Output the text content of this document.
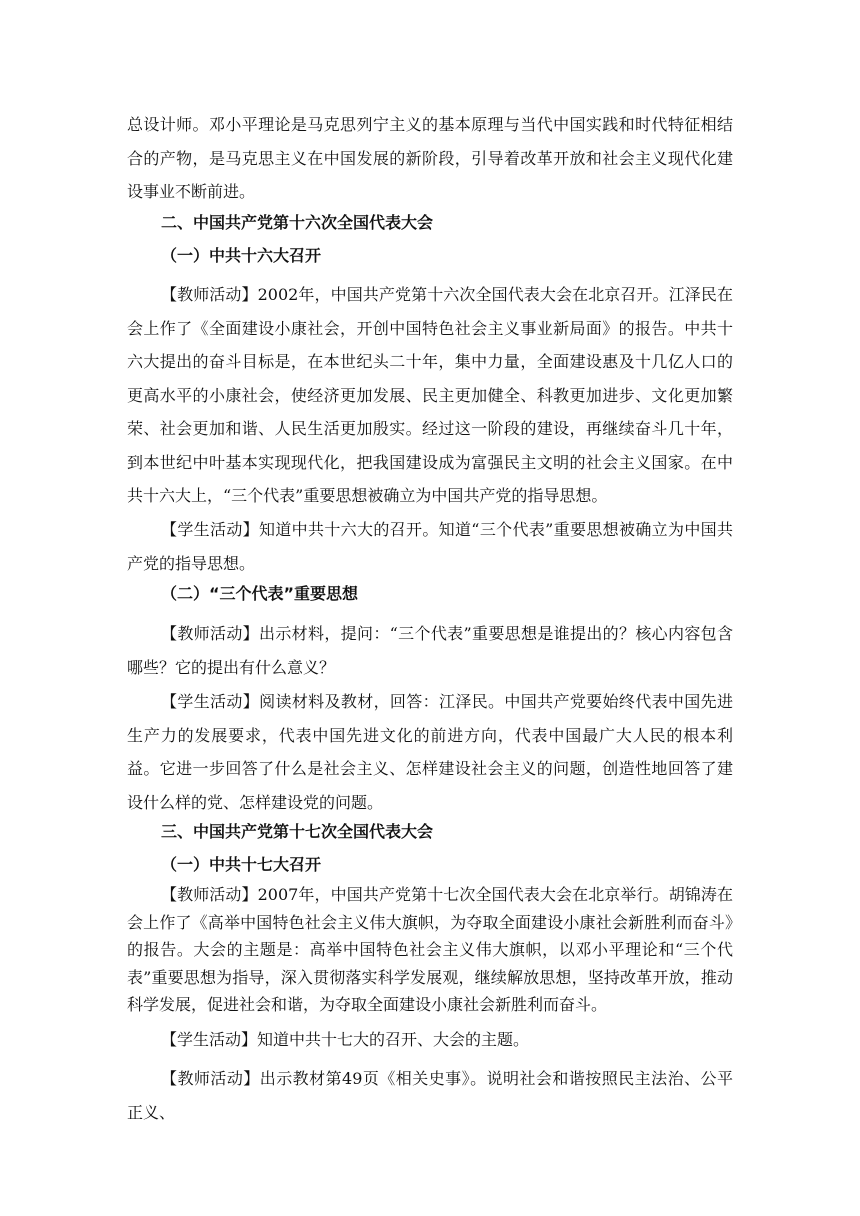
总设计师。邓小平理论是马克思列宁主义的基本原理与当代中国实践和时代特征相结合的产物，是马克思主义在中国发展的新阶段，引导着改革开放和社会主义现代化建设事业不断前进。

二、中国共产党第十六次全国代表大会
（一）中共十六大召开

【教师活动】2002年，中国共产党第十六次全国代表大会在北京召开。江泽民在会上作了《全面建设小康社会，开创中国特色社会主义事业新局面》的报告。中共十六大提出的奋斗目标是，在本世纪头二十年，集中力量，全面建设惠及十几亿人口的更高水平的小康社会，使经济更加发展、民主更加健全、科教更加进步、文化更加繁荣、社会更加和谐、人民生活更加殷实。经过这一阶段的建设，再继续奋斗几十年，到本世纪中叶基本实现现代化，把我国建设成为富强民主文明的社会主义国家。在中共十六大上，“三个代表”重要思想被确立为中国共产党的指导思想。

【学生活动】知道中共十六大的召开。知道“三个代表”重要思想被确立为中国共产党的指导思想。

（二）“三个代表”重要思想

【教师活动】出示材料，提问：“三个代表”重要思想是谁提出的？核心内容包含哪些？它的提出有什么意义？

【学生活动】阅读材料及教材，回答：江泽民。中国共产党要始终代表中国先进生产力的发展要求，代表中国先进文化的前进方向，代表中国最广大人民的根本利益。它进一步回答了什么是社会主义、怎样建设社会主义的问题，创造性地回答了建设什么样的党、怎样建设党的问题。

三、中国共产党第十七次全国代表大会
（一）中共十七大召开

【教师活动】2007年，中国共产党第十七次全国代表大会在北京举行。胡锦涛在会上作了《高举中国特色社会主义伟大旗帜，为夺取全面建设小康社会新胜利而奋斗》的报告。大会的主题是：高举中国特色社会主义伟大旗帜，以邓小平理论和“三个代表”重要思想为指导，深入贯彻落实科学发展观，继续解放思想，坚持改革开放，推动科学发展，促进社会和谐，为夺取全面建设小康社会新胜利而奋斗。

【学生活动】知道中共十七大的召开、大会的主题。

【教师活动】出示教材第49页《相关史事》。说明社会和谐按照民主法治、公平正义、
